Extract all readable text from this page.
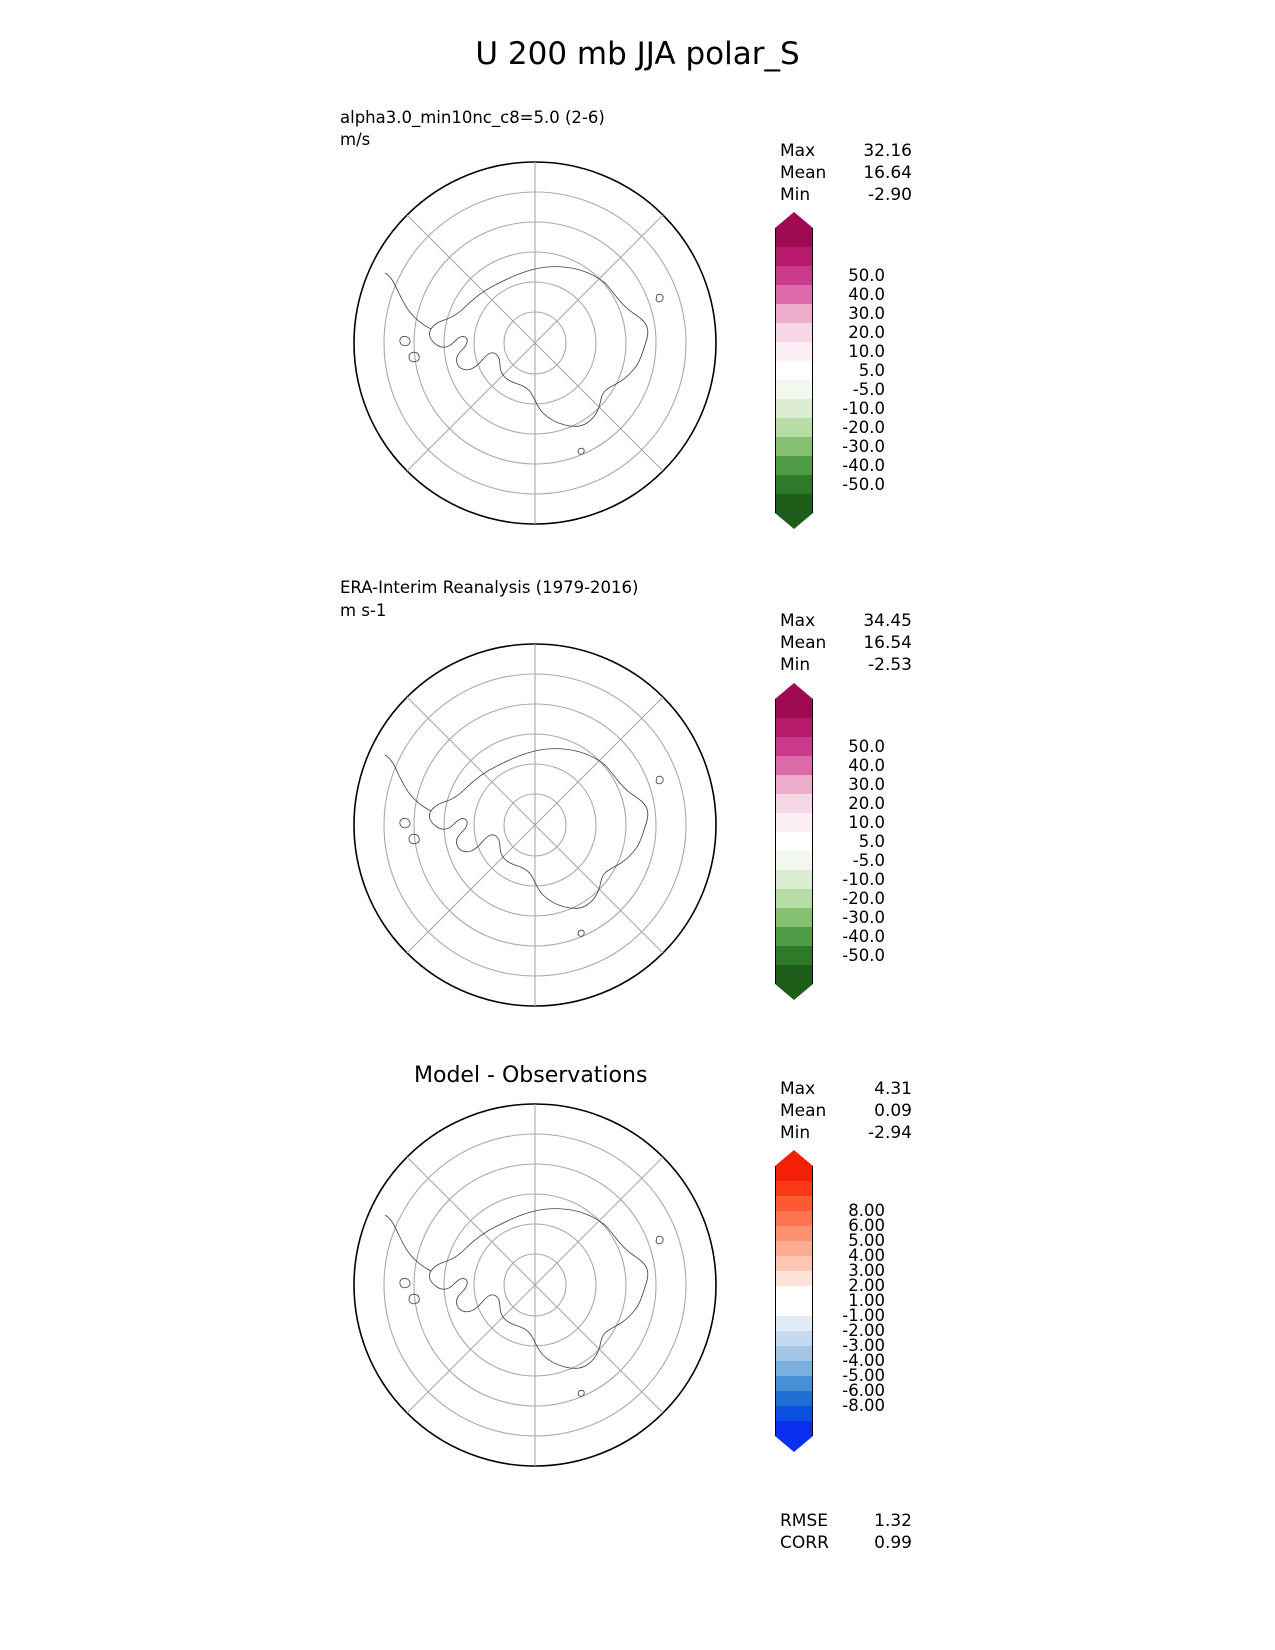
U 200 mb JJA polar_S
alpha3.0_min10nc_c8=5.0 (2-6)
m/s
Max	32.16
Mean 16.64
Min	-2.90
50.0
40.0
30.0
20.0
10.0
5.0
-5.0
-10.0
-20.0
-30.0
-40.0
-50.0
ERA-Interim Reanalysis (1979-2016)
m s-1
Max	34.45
Mean 16.54
Min	-2.53
50.0
40.0
30.0
20.0
10.0
5.0
-5.0
-10.0
-20.0
-30.0
-40.0
-50.0
Model - Observations
Max	4.31
Mean	0.09
Min	-2.94
8.00
6.00
5.00
4.00
3.00
2.00
1.00
-1.00
-2.00
-3.00
-4.00
-5.00
-6.00
-8.00
RMSE	1.32
CORR	0.99
